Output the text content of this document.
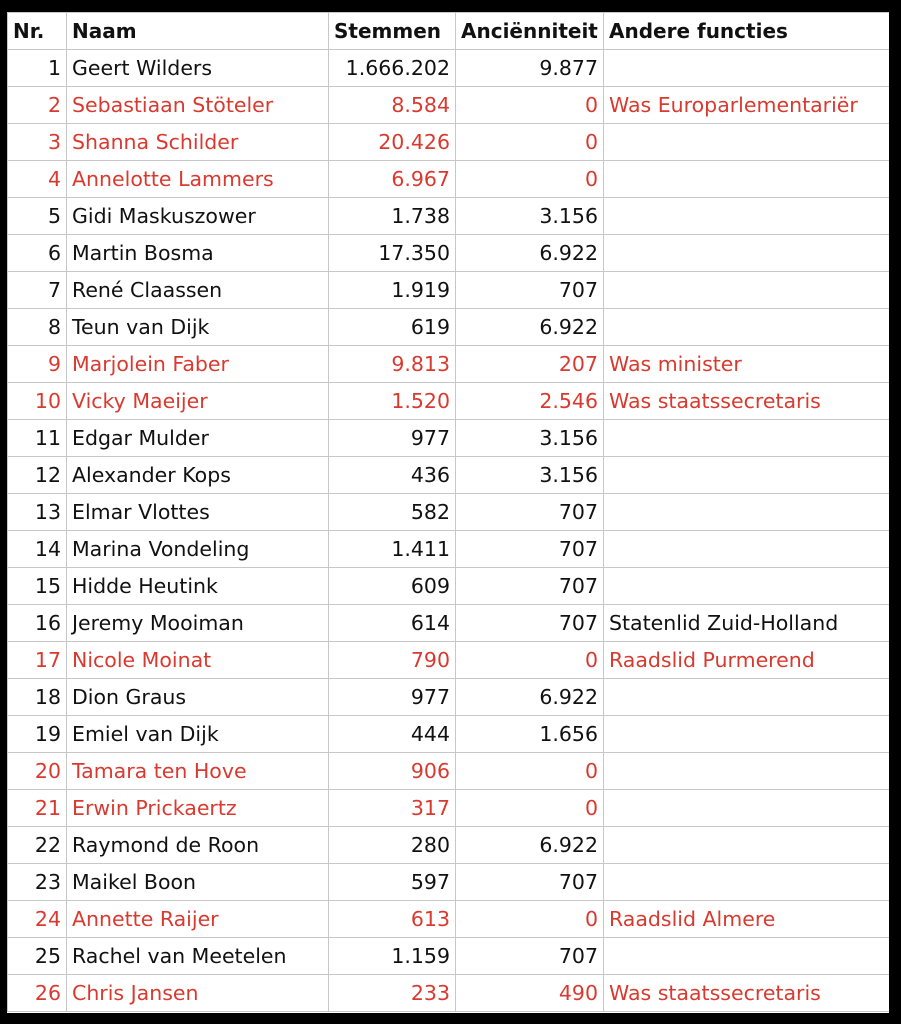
Nr.	Naam	Stemmen	Anciënniteit	Andere functies
1	Geert Wilders	1.666.202	9.877	
2	Sebastiaan Stöteler	8.584	0	Was Europarlementariër
3	Shanna Schilder	20.426	0	
4	Annelotte Lammers	6.967	0	
5	Gidi Maskuszower	1.738	3.156	
6	Martin Bosma	17.350	6.922	
7	René Claassen	1.919	707	
8	Teun van Dijk	619	6.922	
9	Marjolein Faber	9.813	207	Was minister
10	Vicky Maeijer	1.520	2.546	Was staatssecretaris
11	Edgar Mulder	977	3.156	
12	Alexander Kops	436	3.156	
13	Elmar Vlottes	582	707	
14	Marina Vondeling	1.411	707	
15	Hidde Heutink	609	707	
16	Jeremy Mooiman	614	707	Statenlid Zuid-Holland
17	Nicole Moinat	790	0	Raadslid Purmerend
18	Dion Graus	977	6.922	
19	Emiel van Dijk	444	1.656	
20	Tamara ten Hove	906	0	
21	Erwin Prickaertz	317	0	
22	Raymond de Roon	280	6.922	
23	Maikel Boon	597	707	
24	Annette Raijer	613	0	Raadslid Almere
25	Rachel van Meetelen	1.159	707	
26	Chris Jansen	233	490	Was staatssecretaris
